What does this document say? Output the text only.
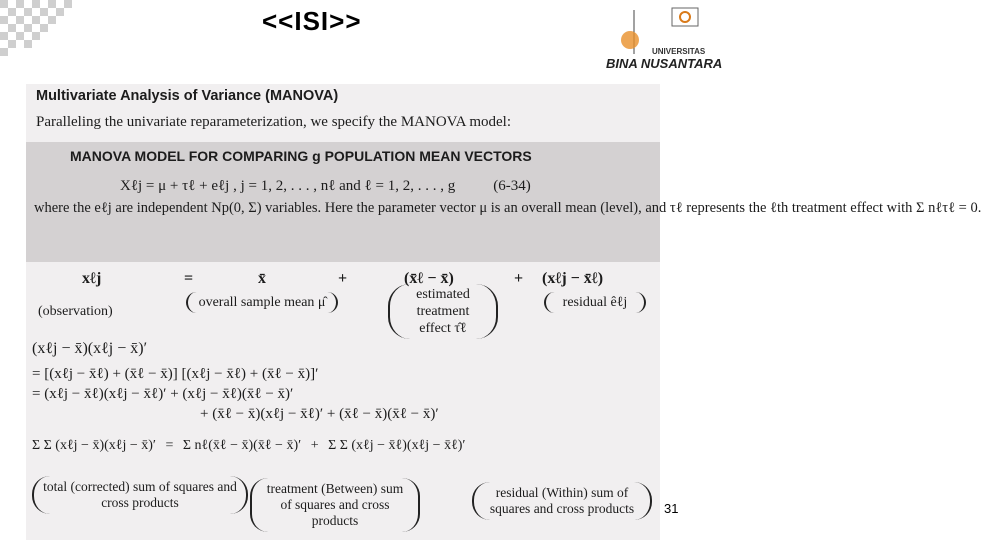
<<ISI>>
UNIVERSITAS
BINA NUSANTARA
Multivariate Analysis of Variance (MANOVA)
Paralleling the univariate reparameterization, we specify the MANOVA model:
MANOVA MODEL FOR COMPARING g POPULATION MEAN VECTORS
Xℓj = μ + τℓ + eℓj , j = 1, 2, . . . , nℓ and ℓ = 1, 2, . . . , g	(6-34)
where the eℓj are independent Np(0, Σ) variables. Here the parameter vector μ is an overall mean (level), and τℓ represents the ℓth treatment effect with Σ nℓτℓ = 0.
xℓj	=	x̄	+	(x̄ℓ − x̄)	+ (xℓj − x̄ℓ)
(observation)
overall sample mean μ̂
estimated treatment effect τ̂ℓ
residual êℓj
(xℓj − x̄)(xℓj − x̄)′
= [(xℓj − x̄ℓ) + (x̄ℓ − x̄)] [(xℓj − x̄ℓ) + (x̄ℓ − x̄)]′
= (xℓj − x̄ℓ)(xℓj − x̄ℓ)′ + (xℓj − x̄ℓ)(x̄ℓ − x̄)′
+ (x̄ℓ − x̄)(xℓj − x̄ℓ)′ + (x̄ℓ − x̄)(x̄ℓ − x̄)′
Σ Σ (xℓj − x̄)(xℓj − x̄)′ = Σ nℓ(x̄ℓ − x̄)(x̄ℓ − x̄)′ + Σ Σ (xℓj − x̄ℓ)(xℓj − x̄ℓ)′
total (corrected) sum of squares and cross products
treatment (Between) sum of squares and cross products
residual (Within) sum of squares and cross products	31
